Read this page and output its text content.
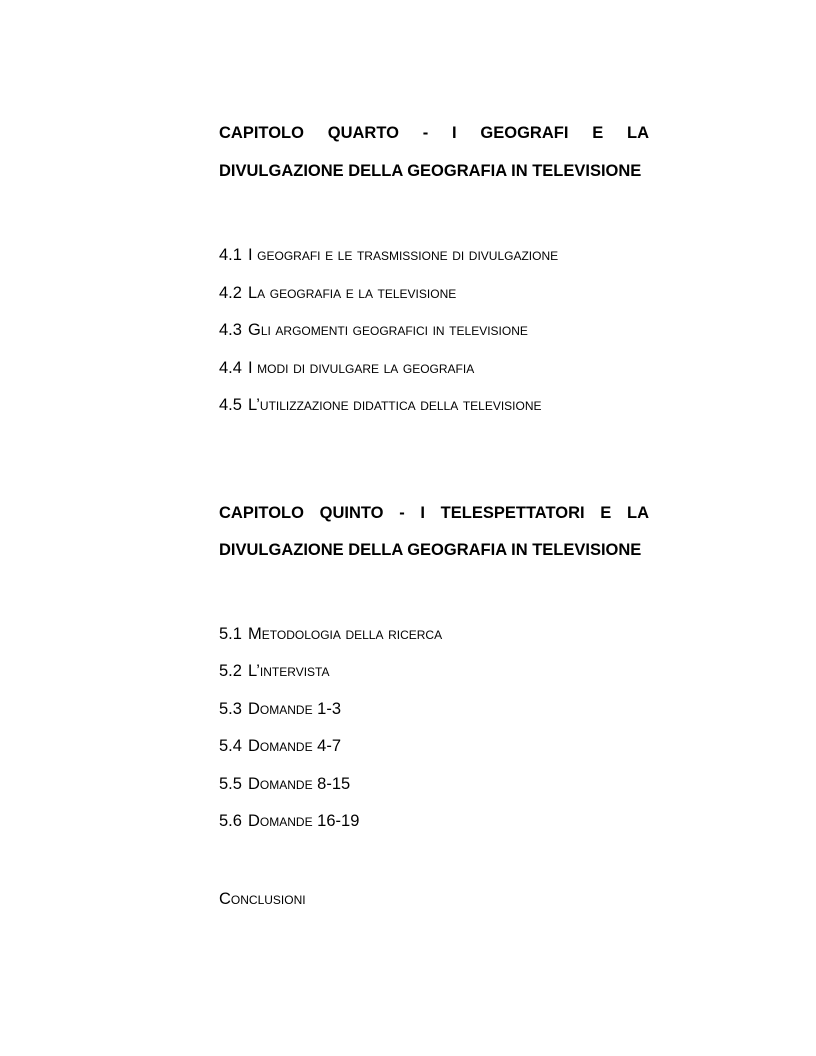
CAPITOLO QUARTO - I GEOGRAFI E LA
DIVULGAZIONE DELLA GEOGRAFIA IN TELEVISIONE
4.1 I geografi e le trasmissione di divulgazione
4.2 La geografia e la televisione
4.3 Gli argomenti geografici in televisione
4.4 I modi di divulgare la geografia
4.5 L’utilizzazione didattica della televisione
CAPITOLO QUINTO - I TELESPETTATORI E LA
DIVULGAZIONE DELLA GEOGRAFIA IN TELEVISIONE
5.1 Metodologia della ricerca
5.2 L’intervista
5.3 Domande 1-3
5.4 Domande 4-7
5.5 Domande 8-15
5.6 Domande 16-19

Conclusioni
